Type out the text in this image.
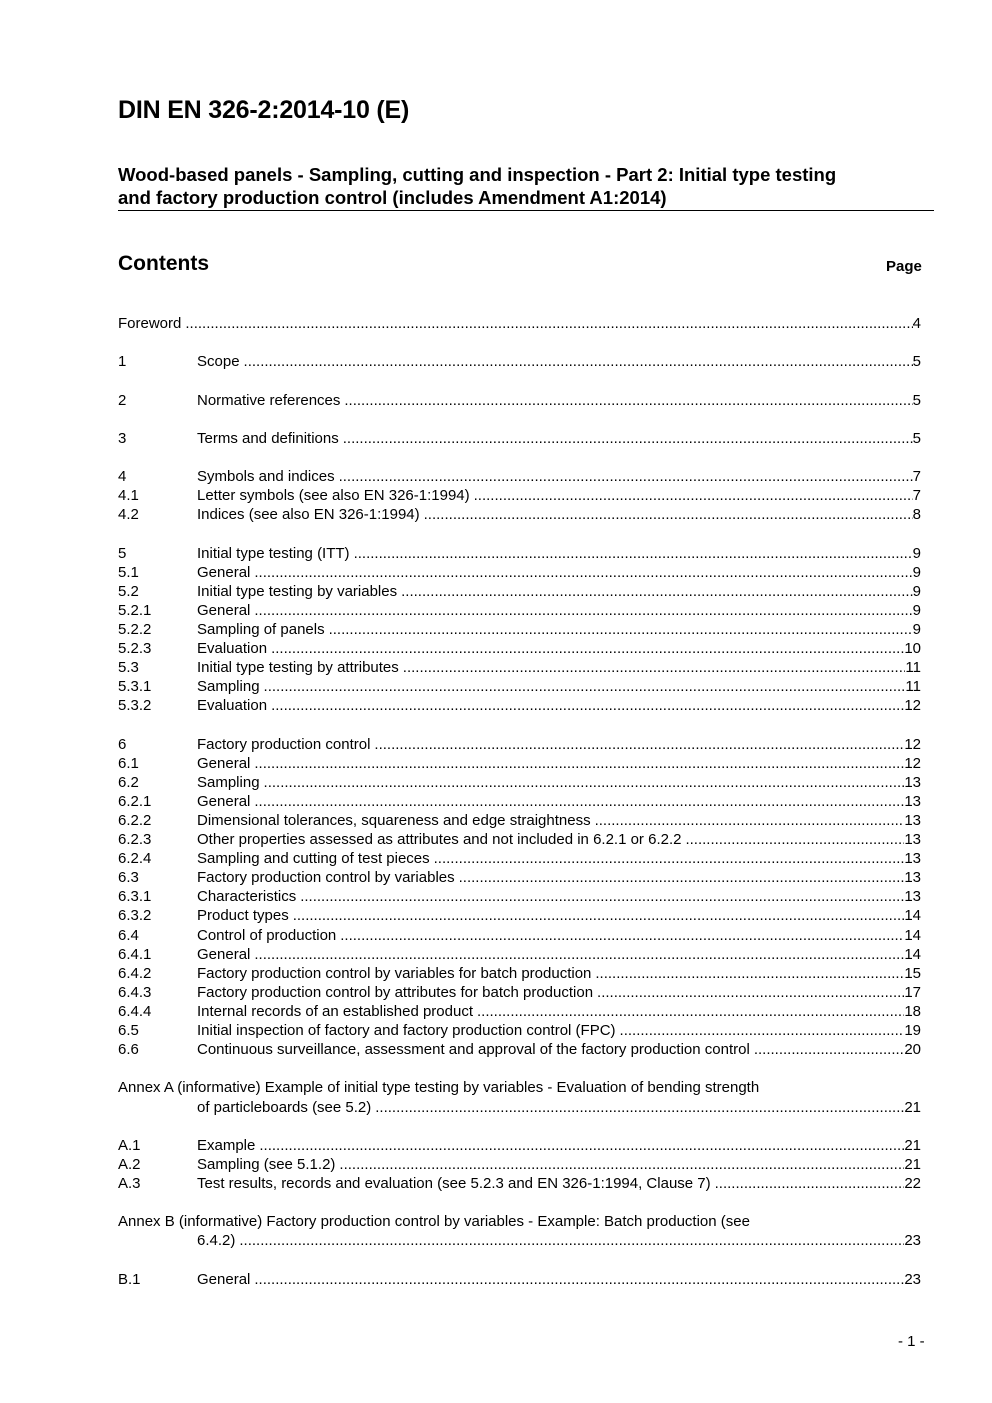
DIN EN 326-2:2014-10 (E)
Wood-based panels - Sampling, cutting and inspection - Part 2: Initial type testing
and factory production control (includes Amendment A1:2014)
Contents	Page
Foreword .....	4
1	Scope .....	5
2	Normative references .....	5
3	Terms and definitions .....	5
4	Symbols and indices .....	7
4.1	Letter symbols (see also EN 326-1:1994) .....	7
4.2	Indices (see also EN 326-1:1994) .....	8
5	Initial type testing (ITT) .....	9
5.1	General .....	9
5.2	Initial type testing by variables .....	9
5.2.1	General .....	9
5.2.2	Sampling of panels .....	9
5.2.3	Evaluation .....	10
5.3	Initial type testing by attributes .....	11
5.3.1	Sampling .....	11
5.3.2	Evaluation .....	12
6	Factory production control .....	12
6.1	General .....	12
6.2	Sampling .....	13
6.2.1	General .....	13
6.2.2	Dimensional tolerances, squareness and edge straightness .....	13
6.2.3	Other properties assessed as attributes and not included in 6.2.1 or 6.2.2 .....	13
6.2.4	Sampling and cutting of test pieces .....	13
6.3	Factory production control by variables .....	13
6.3.1	Characteristics .....	13
6.3.2	Product types .....	14
6.4	Control of production .....	14
6.4.1	General .....	14
6.4.2	Factory production control by variables for batch production .....	15
6.4.3	Factory production control by attributes for batch production .....	17
6.4.4	Internal records of an established product .....	18
6.5	Initial inspection of factory and factory production control (FPC) .....	19
6.6	Continuous surveillance, assessment and approval of the factory production control .....	20
Annex A (informative) Example of initial type testing by variables - Evaluation of bending strength
of particleboards (see 5.2) .....	21
A.1	Example .....	21
A.2	Sampling (see 5.1.2) .....	21
A.3	Test results, records and evaluation (see 5.2.3 and EN 326-1:1994, Clause 7) .....	22
Annex B (informative) Factory production control by variables - Example: Batch production (see
6.4.2) .....	23
B.1	General .....	23
- 1 -
